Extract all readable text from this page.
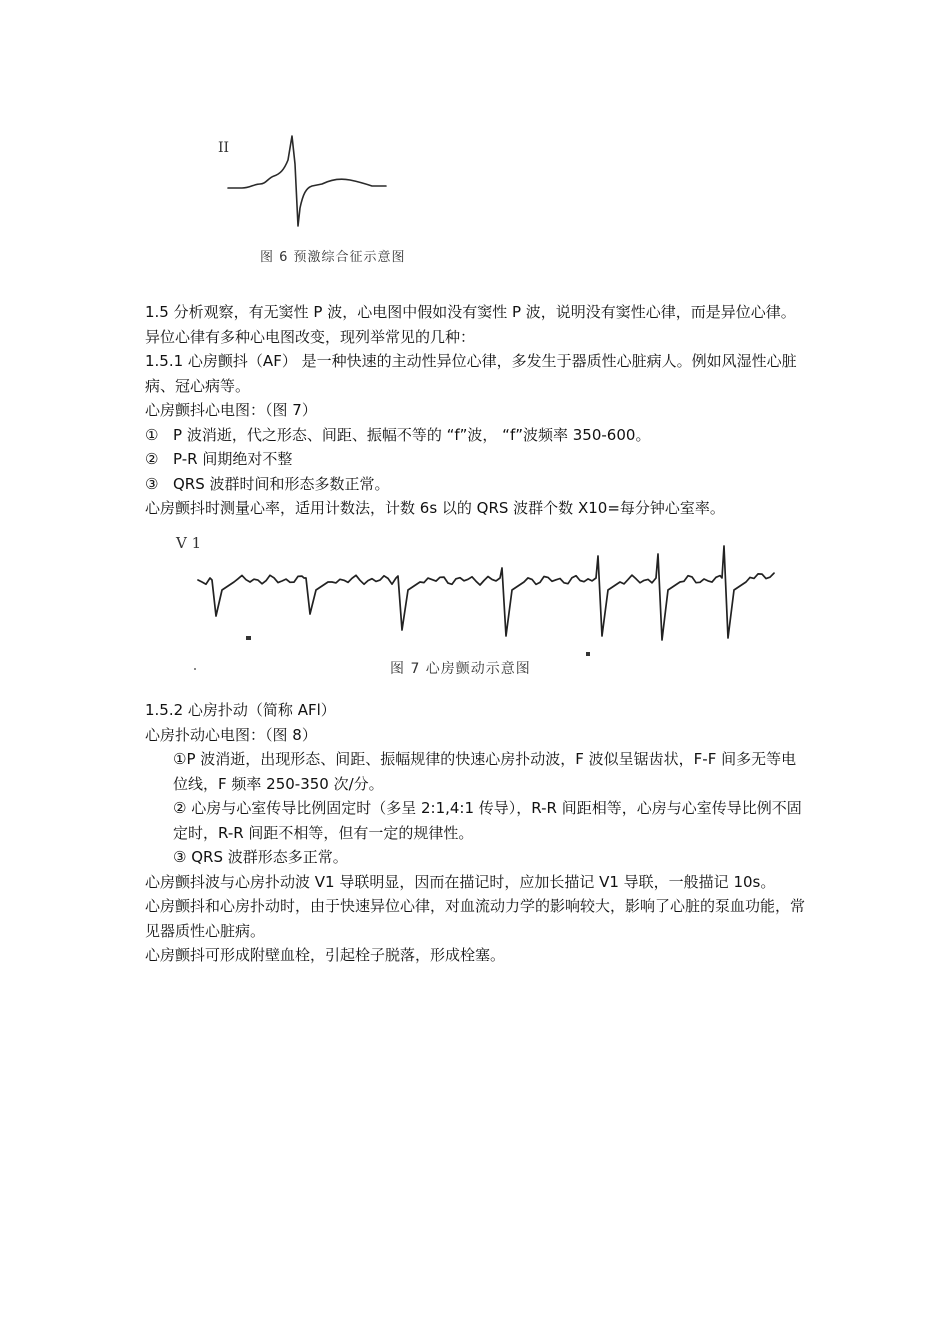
II
图 6 预激综合征示意图

1.5 分析观察，有无窦性 P 波，心电图中假如没有窦性 P 波，说明没有窦性心律，而是异位心律。异位心律有多种心电图改变，现列举常见的几种：

1.5.1 心房颤抖（AF） 是一种快速的主动性异位心律，多发生于器质性心脏病人。例如风湿性心脏病、冠心病等。

心房颤抖心电图：（图 7）

① P 波消逝，代之形态、间距、振幅不等的 “f”波， “f”波频率 350-600。

② P-R 间期绝对不整

③ QRS 波群时间和形态多数正常。

心房颤抖时测量心率，适用计数法，计数 6s 以的 QRS 波群个数 X10=每分钟心室率。

V 1
图 7 心房颤动示意图

1.5.2 心房扑动（简称 AFl）

心房扑动心电图：（图 8）

①P 波消逝，出现形态、间距、振幅规律的快速心房扑动波，F 波似呈锯齿状，F-F 间多无等电位线，F 频率 250-350 次/分。

② 心房与心室传导比例固定时（多呈 2:1,4:1 传导），R-R 间距相等，心房与心室传导比例不固定时，R-R 间距不相等，但有一定的规律性。

③ QRS 波群形态多正常。

心房颤抖波与心房扑动波 V1 导联明显，因而在描记时，应加长描记 V1 导联，一般描记 10s。

心房颤抖和心房扑动时，由于快速异位心律，对血流动力学的影响较大，影响了心脏的泵血功能，常见器质性心脏病。

心房颤抖可形成附壁血栓，引起栓子脱落，形成栓塞。
